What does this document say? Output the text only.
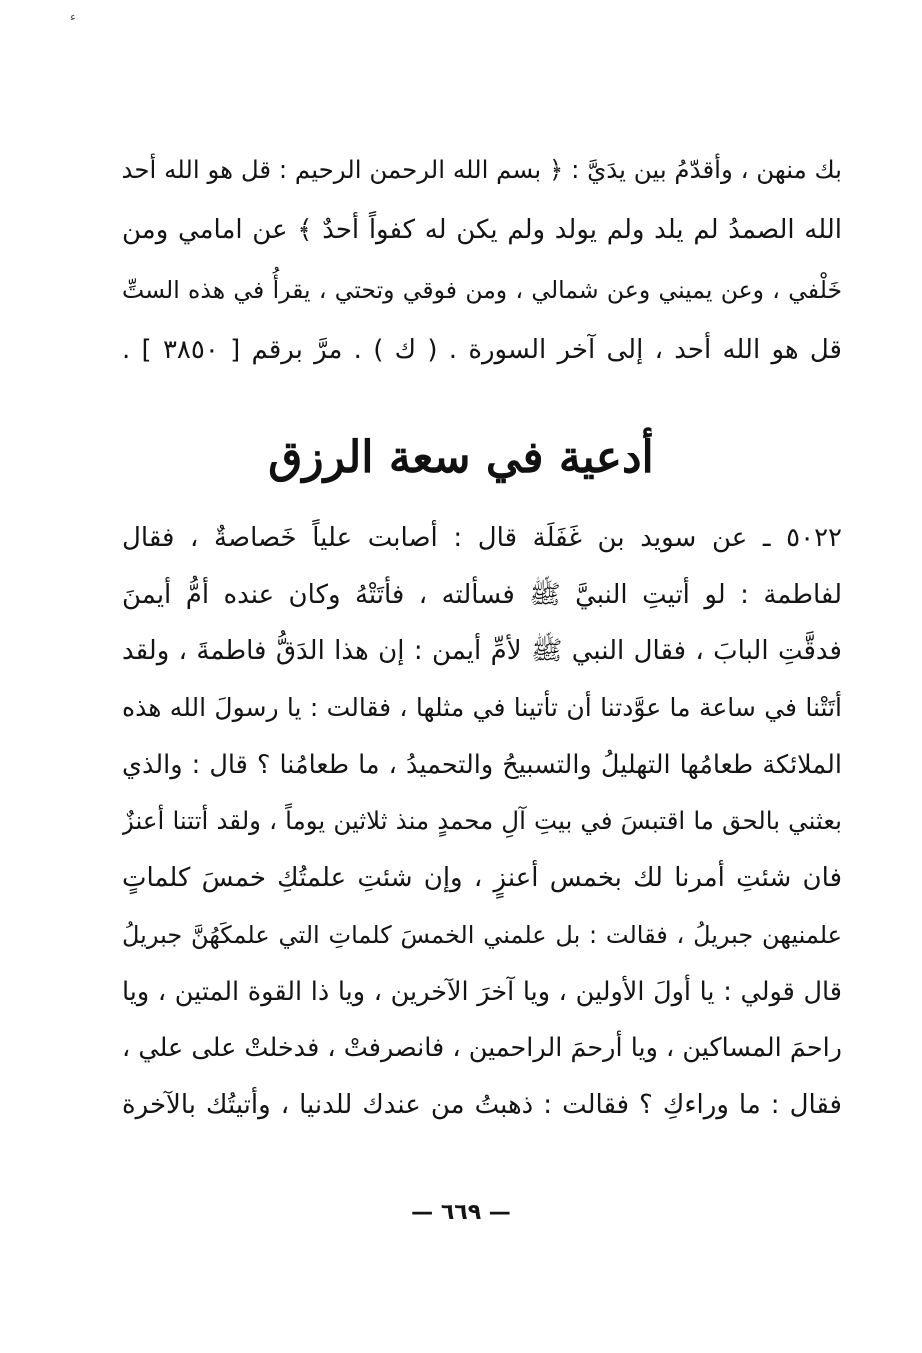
ﺀ
بك منهن ، وأقدّمُ بين يدَيَّ : ﴿ بسم الله الرحمن الرحيم : قل هو الله أحد
الله الصمدُ لم يلد ولم يولد ولم يكن له كفواً أحدٌ ﴾ عن امامي ومن
خَلْفي ، وعن يميني وعن شمالي ، ومن فوقي وتحتي ، يقرأُ في هذه الستِّ
قل هو الله أحد ، إلى آخر السورة . ( ك ) . مرَّ برقم [ ٣٨٥٠ ] .
أدعية في سعة الرزق
٥٠٢٢ ـ عن سويد بن غَفَلَة قال : أصابت علياً خَصاصةٌ ، فقال
لفاطمة : لو أتيتِ النبيَّ ﷺ فسألته ، فأتَتْهُ وكان عنده أمُّ أيمنَ
فدقَّتِ البابَ ، فقال النبي ﷺ لأمِّ أيمن : إن هذا الدَقُّ فاطمةَ ، ولقد
أتَتْنا في ساعة ما عوَّدتنا أن تأتينا في مثلها ، فقالت : يا رسولَ الله هذه
الملائكة طعامُها التهليلُ والتسبيحُ والتحميدُ ، ما طعامُنا ؟ قال : والذي
بعثني بالحق ما اقتبسَ في بيتِ آلِ محمدٍ منذ ثلاثين يوماً ، ولقد أتتنا أعنزٌ
فان شئتِ أمرنا لك بخمس أعنزٍ ، وإن شئتِ علمتُكِ خمسَ كلماتٍ
علمنيهن جبريلُ ، فقالت : بل علمني الخمسَ كلماتِ التي علمكَهُنَّ جبريلُ
قال قولي : يا أولَ الأولين ، ويا آخرَ الآخرين ، ويا ذا القوة المتين ، ويا
راحمَ المساكين ، ويا أرحمَ الراحمين ، فانصرفتْ ، فدخلتْ على علي ،
فقال : ما وراءكِ ؟ فقالت : ذهبتُ من عندك للدنيا ، وأتيتُك بالآخرة
— ٦٦٩ —
